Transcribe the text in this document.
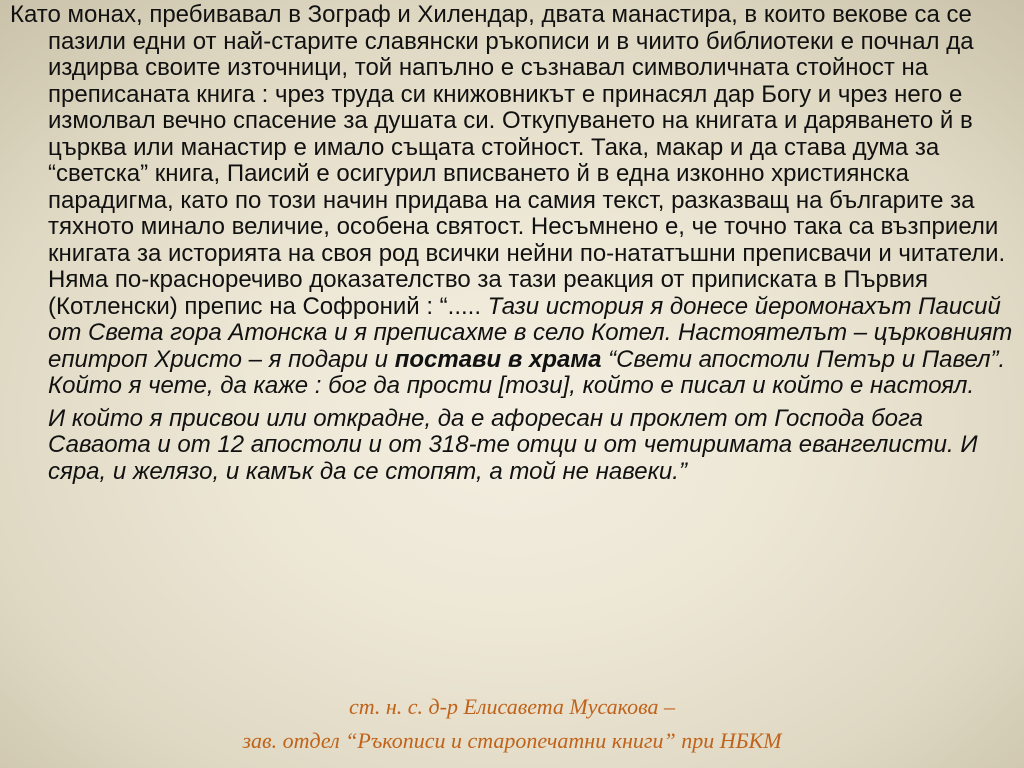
Като монах, пребивавал в Зограф и Хилендар, двата манастира, в които векове са се пазили едни от най-старите славянски ръкописи и в чиито библиотеки е почнал да издирва своите източници, той напълно е съзнавал символичната стойност на преписаната книга : чрез труда си книжовникът е принасял дар Богу и чрез него е измолвал вечно спасение за душата си. Откупуването на книгата и даряването й в църква или манастир е имало същата стойност. Така, макар и да става дума за “светска” книга, Паисий е осигурил вписването й в една изконно християнска парадигма, като по този начин придава на самия текст, разказващ на българите за тяхното минало величие, особена святост. Несъмнено е, че точно така са възприели книгата за историята на своя род всички нейни по-нататъшни преписвачи и читатели. Няма по-красноречиво доказателство за тази реакция от приписката в Първия (Котленски) препис на Софроний : “..... Тази история я донесе йеромонахът Паисий от Света гора Атонска и я преписахме в село Котел. Настоятелът – църковният епитроп Христо – я подари и постави в храма “Свети апостоли Петър и Павел”. Който я чете, да каже : бог да прости [този], който е писал и който е настоял.

И който я присвои или открадне, да е афоресан и проклет от Господа бога Саваота и от 12 апостоли и от 318-те отци и от четиримата евангелисти. И сяра, и желязо, и камък да се стопят, а той не навеки.”

ст. н. с. д-р Елисавета Мусакова –
зав. отдел “Ръкописи и старопечатни книги” при НБКМ
